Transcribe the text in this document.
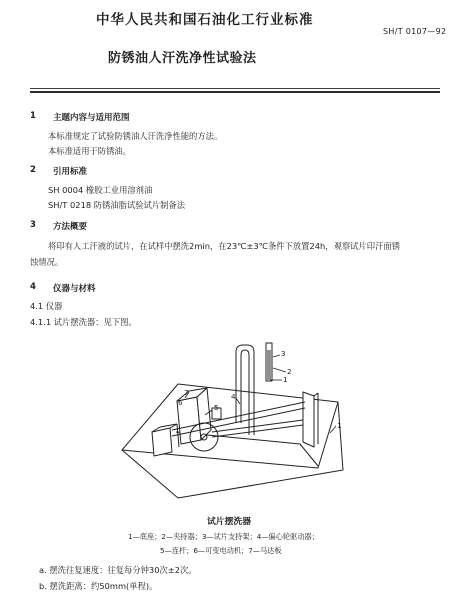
中华人民共和国石油化工行业标准
SH/T 0107—92
防锈油人汗洗净性试验法
1 主题内容与适用范围
本标准规定了试验防锈油人汗洗净性能的方法。
本标准适用于防锈油。
2 引用标准
SH 0004 橡胶工业用溶剂油
SH/T 0218 防锈油脂试验试片制备法
3 方法概要
将印有人工汗液的试片，在试样中摆洗2min，在23℃±3℃条件下放置24h，观察试片印汗面锈
蚀情况。
4 仪器与材料
4.1 仪器
4.1.1 试片摆洗器：见下图。
3
2
1
4
7
6
5
1
试片摆洗器
1—底座；2—夹持器；3—试片支持架；4—偏心轮驱动器；
5—连杆；6—可变电动机；7—马达板
a. 摆洗往复速度：往复每分钟30次±2次。
b. 摆洗距离：约50mm(单程)。
